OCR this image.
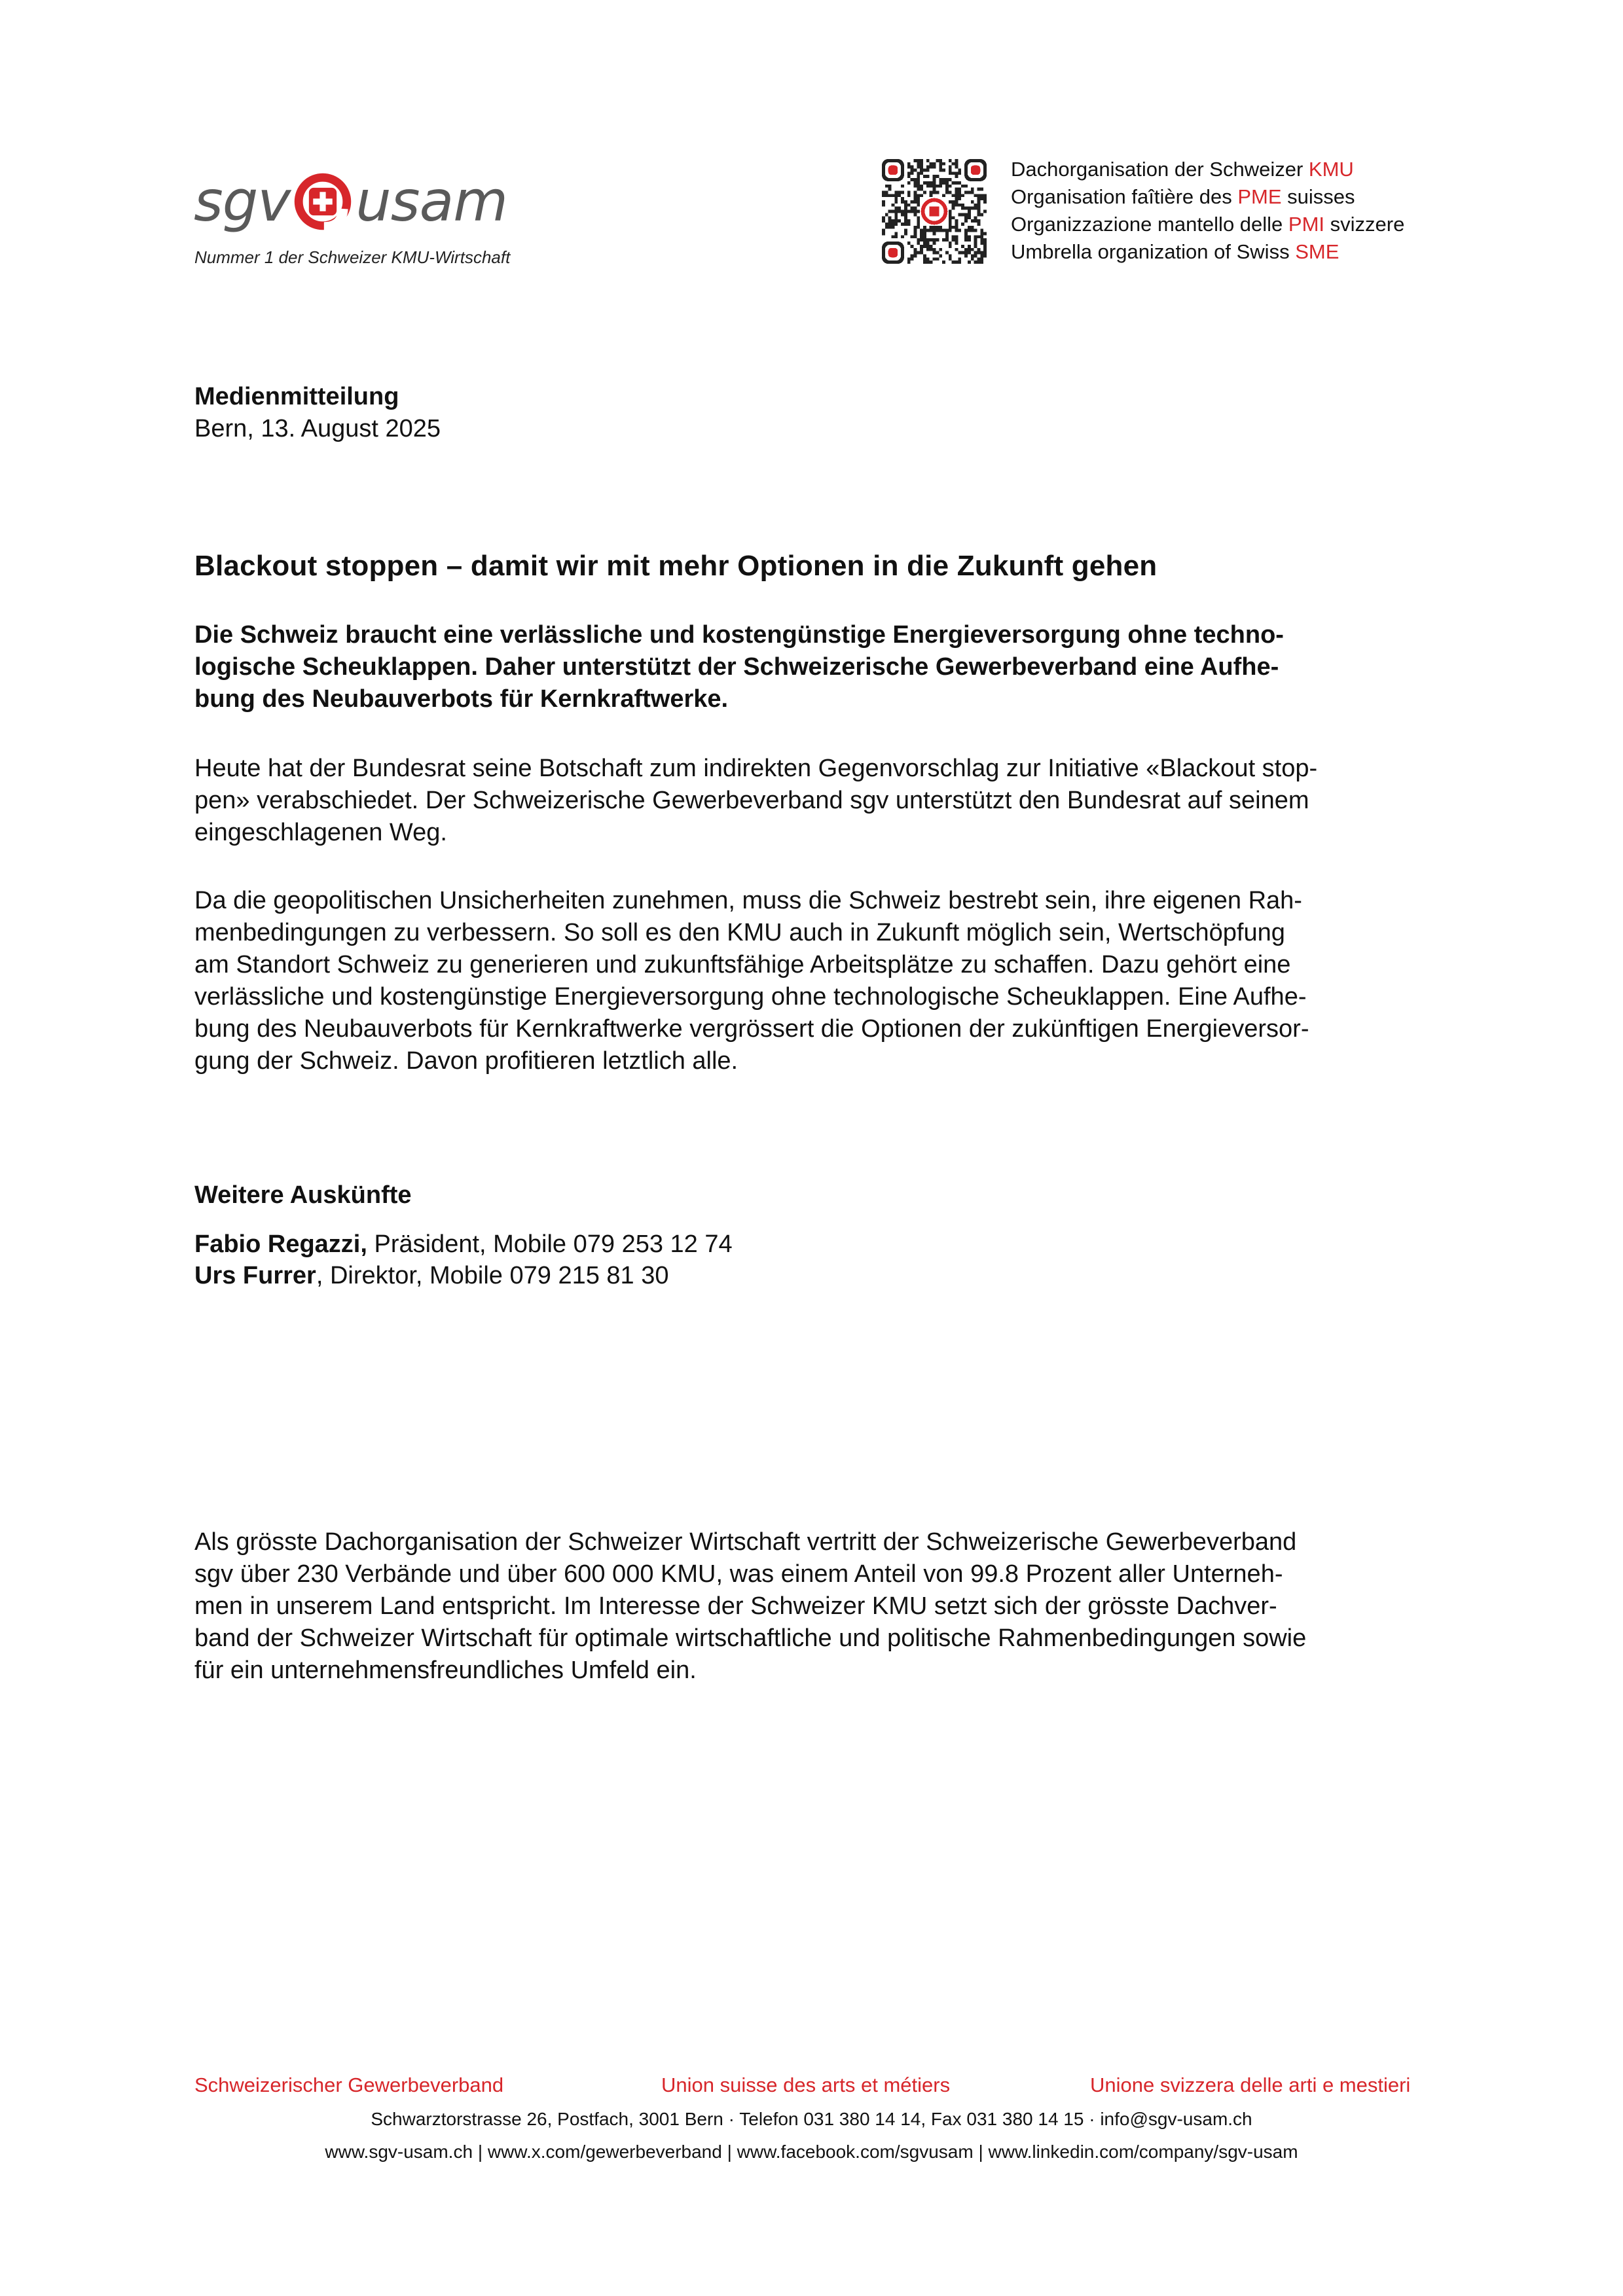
sgv usam
Nummer 1 der Schweizer KMU-Wirtschaft
Dachorganisation der Schweizer KMU
Organisation faîtière des PME suisses
Organizzazione mantello delle PMI svizzere
Umbrella organization of Swiss SME
Medienmitteilung
Bern, 13. August 2025
Blackout stoppen – damit wir mit mehr Optionen in die Zukunft gehen
Die Schweiz braucht eine verlässliche und kostengünstige Energieversorgung ohne techno-
logische Scheuklappen. Daher unterstützt der Schweizerische Gewerbeverband eine Aufhe-
bung des Neubauverbots für Kernkraftwerke.
Heute hat der Bundesrat seine Botschaft zum indirekten Gegenvorschlag zur Initiative «Blackout stop-
pen» verabschiedet. Der Schweizerische Gewerbeverband sgv unterstützt den Bundesrat auf seinem
eingeschlagenen Weg.
Da die geopolitischen Unsicherheiten zunehmen, muss die Schweiz bestrebt sein, ihre eigenen Rah-
menbedingungen zu verbessern. So soll es den KMU auch in Zukunft möglich sein, Wertschöpfung
am Standort Schweiz zu generieren und zukunftsfähige Arbeitsplätze zu schaffen. Dazu gehört eine
verlässliche und kostengünstige Energieversorgung ohne technologische Scheuklappen. Eine Aufhe-
bung des Neubauverbots für Kernkraftwerke vergrössert die Optionen der zukünftigen Energieversor-
gung der Schweiz. Davon profitieren letztlich alle.
Weitere Auskünfte
Fabio Regazzi, Präsident, Mobile 079 253 12 74
Urs Furrer, Direktor, Mobile 079 215 81 30
Als grösste Dachorganisation der Schweizer Wirtschaft vertritt der Schweizerische Gewerbeverband
sgv über 230 Verbände und über 600 000 KMU, was einem Anteil von 99.8 Prozent aller Unterneh-
men in unserem Land entspricht. Im Interesse der Schweizer KMU setzt sich der grösste Dachver-
band der Schweizer Wirtschaft für optimale wirtschaftliche und politische Rahmenbedingungen sowie
für ein unternehmensfreundliches Umfeld ein.
Schweizerischer Gewerbeverband	Union suisse des arts et métiers	Unione svizzera delle arti e mestieri
Schwarztorstrasse 26, Postfach, 3001 Bern · Telefon 031 380 14 14, Fax 031 380 14 15 · info@sgv-usam.ch
www.sgv-usam.ch | www.x.com/gewerbeverband | www.facebook.com/sgvusam | www.linkedin.com/company/sgv-usam
